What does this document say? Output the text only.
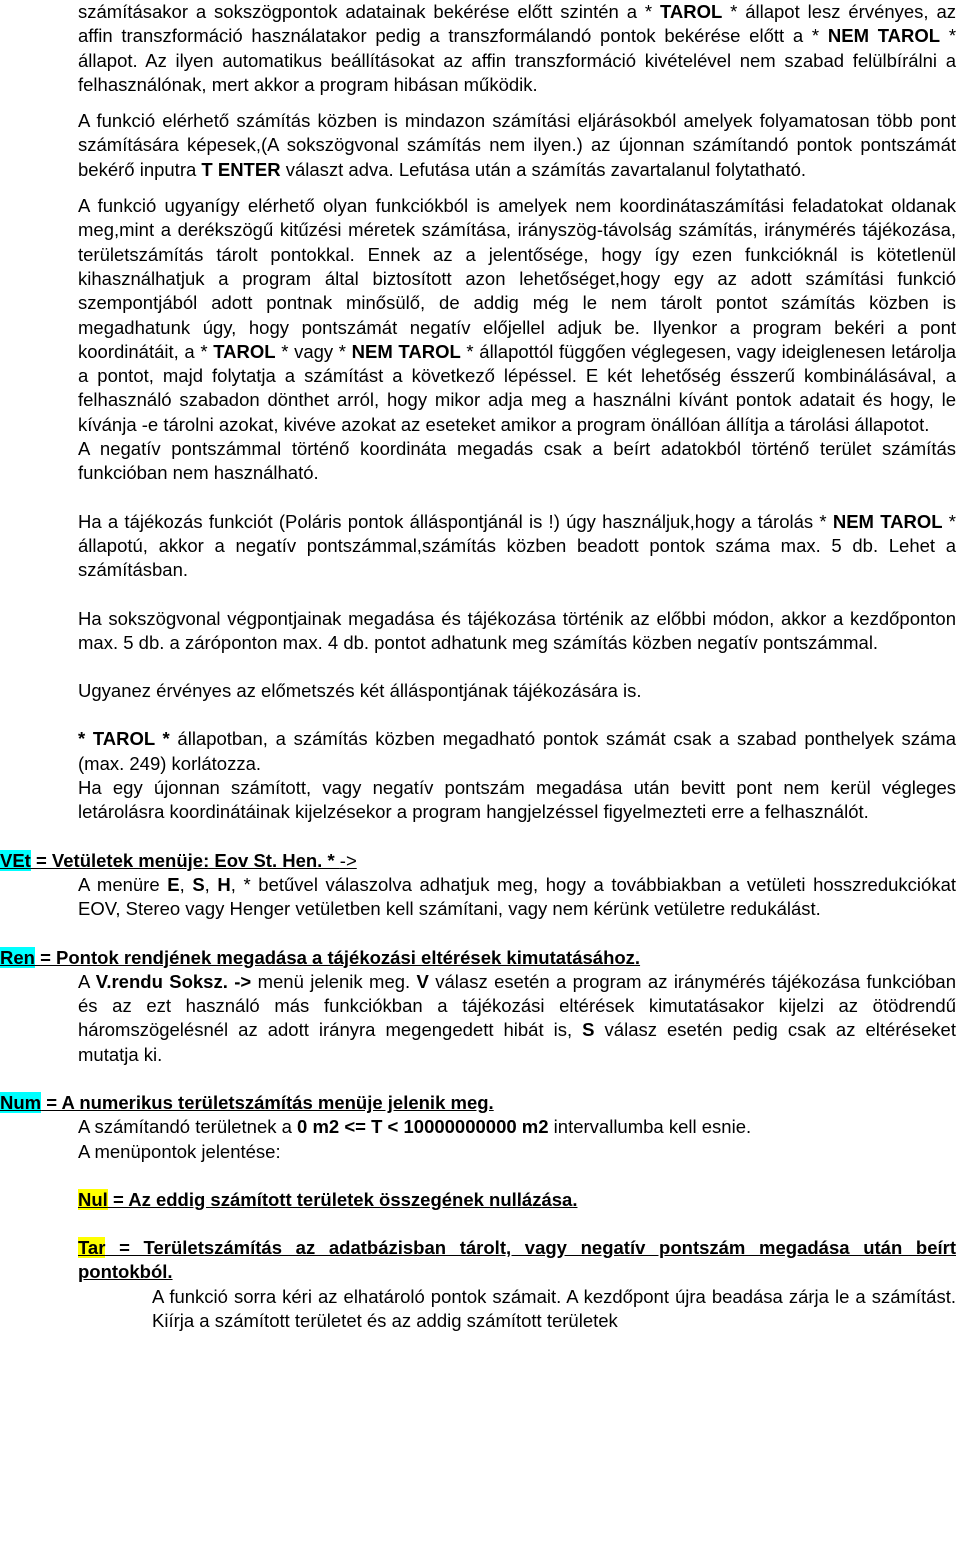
számításakor a sokszögpontok adatainak bekérése előtt szintén a * TAROL * állapot lesz érvényes, az affin transzformáció használatakor pedig a transzformálandó pontok bekérése előtt a * NEM TAROL * állapot. Az ilyen automatikus beállításokat az affin transzformáció kivételével nem szabad felülbírálni a felhasználónak, mert akkor a program hibásan működik.
A funkció elérhető számítás közben is mindazon számítási eljárásokból amelyek folyamatosan több pont számítására képesek,(A sokszögvonal számítás nem ilyen.) az újonnan számítandó pontok pontszámát bekérő inputra T ENTER választ adva. Lefutása után a számítás zavartalanul folytatható.
A funkció ugyanígy elérhető olyan funkciókból is amelyek nem koordinátaszámítási feladatokat oldanak meg,mint a derékszögű kitűzési méretek számítása, irányszög-távolság számítás, iránymérés tájékozása, területszámítás tárolt pontokkal. Ennek az a jelentősége, hogy így ezen funkcióknál is kötetlenül kihasználhatjuk a program által biztosított azon lehetőséget,hogy egy az adott számítási funkció szempontjából adott pontnak minősülő, de addig még le nem tárolt pontot számítás közben is megadhatunk úgy, hogy pontszámát negatív előjellel adjuk be. Ilyenkor a program bekéri a pont koordinátáit, a * TAROL * vagy * NEM TAROL * állapottól függően véglegesen, vagy ideiglenesen letárolja a pontot, majd folytatja a számítást a következő lépéssel. E két lehetőség ésszerű kombinálásával, a felhasználó szabadon dönthet arról, hogy mikor adja meg a használni kívánt pontok adatait és hogy, le kívánja -e tárolni azokat, kivéve azokat az eseteket amikor a program önállóan állítja a tárolási állapotot.
A negatív pontszámmal történő koordináta megadás csak a beírt adatokból történő terület számítás funkcióban nem használható.
Ha a tájékozás funkciót (Poláris pontok álláspontjánál is !) úgy használjuk,hogy a tárolás * NEM TAROL * állapotú, akkor a negatív pontszámmal,számítás közben beadott pontok száma max. 5 db. Lehet a számításban.
Ha sokszögvonal végpontjainak megadása és tájékozása történik az előbbi módon, akkor a kezdőponton max. 5 db. a záróponton max. 4 db. pontot adhatunk meg számítás közben negatív pontszámmal.
Ugyanez érvényes az előmetszés két álláspontjának tájékozására is.
* TAROL * állapotban, a számítás közben megadható pontok számát csak a szabad ponthelyek száma (max. 249) korlátozza.
Ha egy újonnan számított, vagy negatív pontszám megadása után bevitt pont nem kerül végleges letárolásra koordinátáinak kijelzésekor a program hangjelzéssel figyelmezteti erre a felhasználót.
VEt = Vetületek menüje: Eov St. Hen. * ->
A menüre E, S, H, * betűvel válaszolva adhatjuk meg, hogy a továbbiakban a vetületi hosszredukciókat EOV, Stereo vagy Henger vetületben kell számítani, vagy nem kérünk vetületre redukálást.
Ren = Pontok rendjének megadása a tájékozási eltérések kimutatásához.
A V.rendu Soksz. -> menü jelenik meg. V válasz esetén a program az iránymérés tájékozása funkcióban és az ezt használó más funkciókban a tájékozási eltérések kimutatásakor kijelzi az ötödrendű háromszögelésnél az adott irányra megengedett hibát is, S válasz esetén pedig csak az eltéréseket mutatja ki.
Num = A numerikus területszámítás menüje jelenik meg.
A számítandó területnek a 0 m2 <= T < 10000000000 m2 intervallumba kell esnie.
A menüpontok jelentése:
Nul = Az eddig számított területek összegének nullázása.
Tar = Területszámítás az adatbázisban tárolt, vagy negatív pontszám megadása után beírt pontokból.
A funkció sorra kéri az elhatároló pontok számait. A kezdőpont újra beadása zárja le a számítást. Kiírja a számított területet és az addig számított területek
